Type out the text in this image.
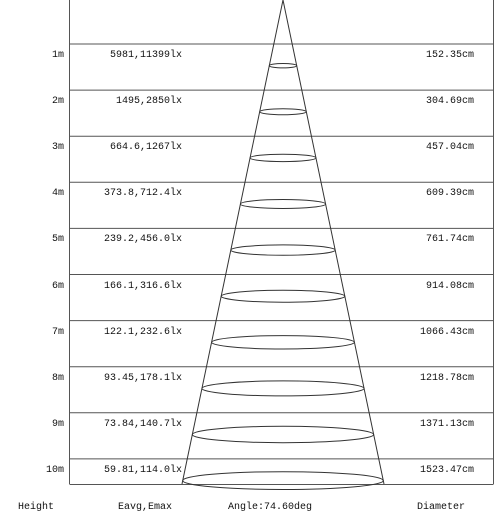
1m	5981,11399lx	152.35cm
2m	1495,2850lx	304.69cm
3m	664.6,1267lx	457.04cm
4m	373.8,712.4lx	609.39cm
5m	239.2,456.0lx	761.74cm
6m	166.1,316.6lx	914.08cm
7m	122.1,232.6lx	1066.43cm
8m	93.45,178.1lx	1218.78cm
9m	73.84,140.7lx	1371.13cm
10m	59.81,114.0lx	1523.47cm
Height	Eavg,Emax	Angle:74.60deg	Diameter
